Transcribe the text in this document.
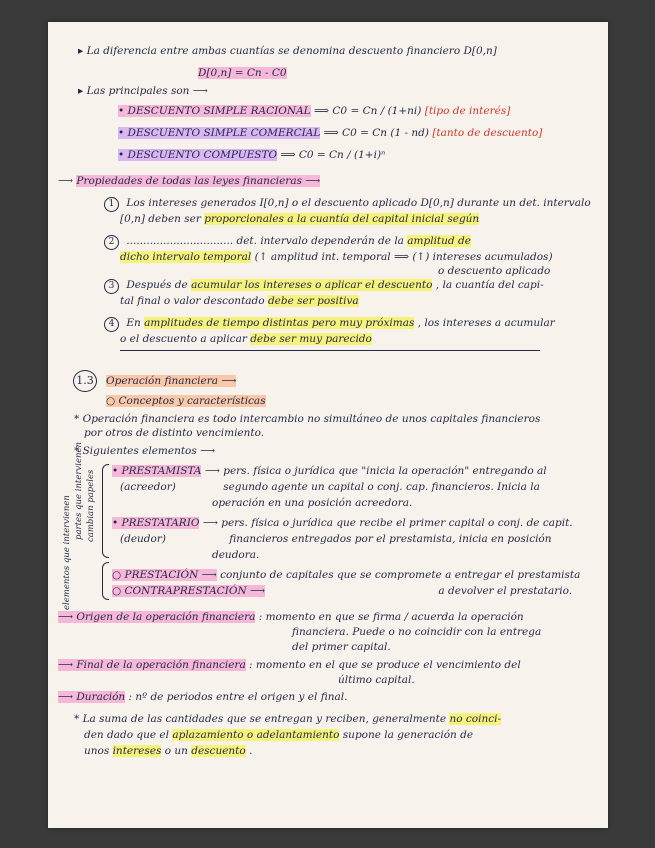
▸ La diferencia entre ambas cuantías se denomina descuento financiero D[0,n]
D[0,n] = Cn - C0
▸ Las principales son ⟶
• DESCUENTO SIMPLE RACIONAL ⟹ C0 = Cn / (1+ni) [tipo de interés]
• DESCUENTO SIMPLE COMERCIAL ⟹ C0 = Cn (1 - nd) [tanto de descuento]
• DESCUENTO COMPUESTO ⟹ C0 = Cn / (1+i)ⁿ
⟶ Propiedades de todas las leyes financieras ⟶
1 Los intereses generados I[0,n] o el descuento aplicado D[0,n] durante un det. intervalo
[0,n] deben ser proporcionales a la cuantía del capital inicial según
2 ................................ det. intervalo dependerán de la amplitud de
dicho intervalo temporal (↑ amplitud int. temporal ⟹ (↑) intereses acumulados)
o descuento aplicado
3 Después de acumular los intereses o aplicar el descuento , la cuantía del capi-
tal final o valor descontado debe ser positiva
4 En amplitudes de tiempo distintas pero muy próximas , los intereses a acumular
o el descuento a aplicar debe ser muy parecido
1.3	Operación financiera ⟶
○ Conceptos y características
* Operación financiera es todo intercambio no simultáneo de unos capitales financieros
por otros de distinto vencimiento.
* Siguientes elementos ⟶
elementos que intervienen
partes que intervienen cambian papeles • PRESTAMISTA ⟶ pers. física o jurídica que "inicia la operación" entregando al
(acreedor)	segundo agente un capital o conj. cap. financieros. Inicia la
operación en una posición acreedora.
• PRESTATARIO ⟶ pers. física o jurídica que recibe el primer capital o conj. de capit.
(deudor)	financieros entregados por el prestamista, inicia en posición
deudora.
○ PRESTACIÓN ⟶ conjunto de capitales que se compromete a entregar el prestamista
○ CONTRAPRESTACIÓN ⟶	a devolver el prestatario.
⟶ Origen de la operación financiera : momento en que se firma / acuerda la operación
financiera. Puede o no coincidir con la entrega
del primer capital.
⟶ Final de la operación financiera : momento en el que se produce el vencimiento del
último capital.
⟶ Duración : nº de periodos entre el origen y el final.
* La suma de las cantidades que se entregan y reciben, generalmente no coinci-
den dado que el aplazamiento o adelantamiento supone la generación de
unos intereses o un descuento .
